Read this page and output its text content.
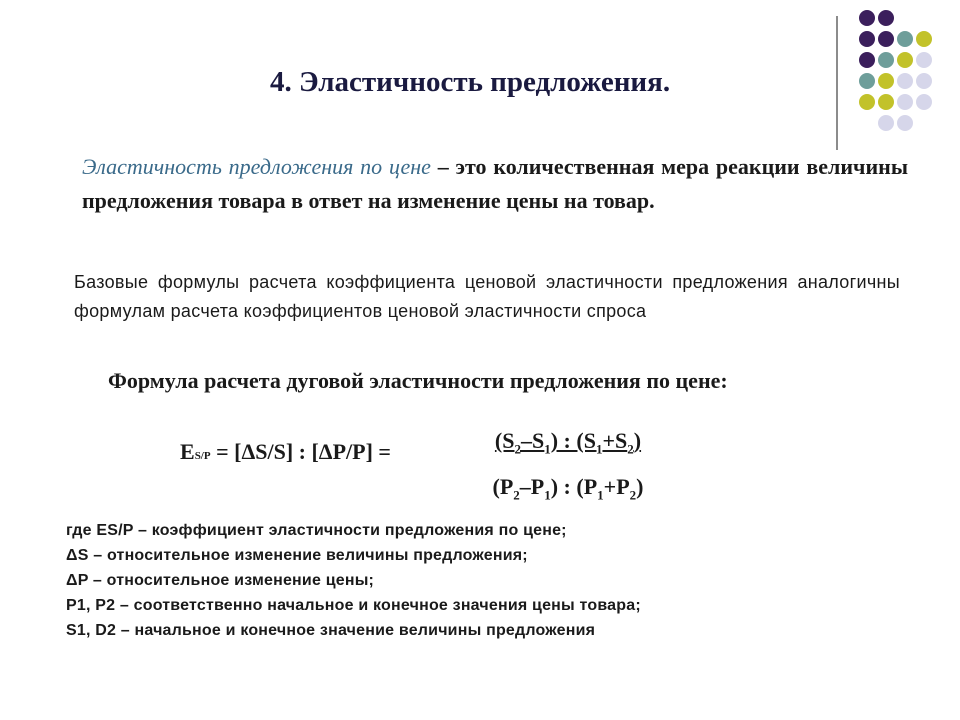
4. Эластичность предложения.
Эластичность предложения по цене – это количественная мера реакции величины предложения товара в ответ на изменение цены на товар.
Базовые формулы расчета коэффициента ценовой эластичности предложения аналогичны формулам расчета коэффициентов ценовой эластичности спроса
Формула расчета дуговой эластичности предложения по цене:
ES/P = [ΔS/S] : [ΔP/P] =	$\frac{(S_2-S_1) : (S_1+S_2)}{(P_2-P_1) : (P_1+P_2)}$
где ES/P – коэффициент эластичности предложения по цене;
ΔS – относительное изменение величины предложения;
ΔP – относительное изменение цены;
P1, P2 – соответственно начальное и конечное значения цены товара;
S1, D2 – начальное и конечное значение величины предложения
